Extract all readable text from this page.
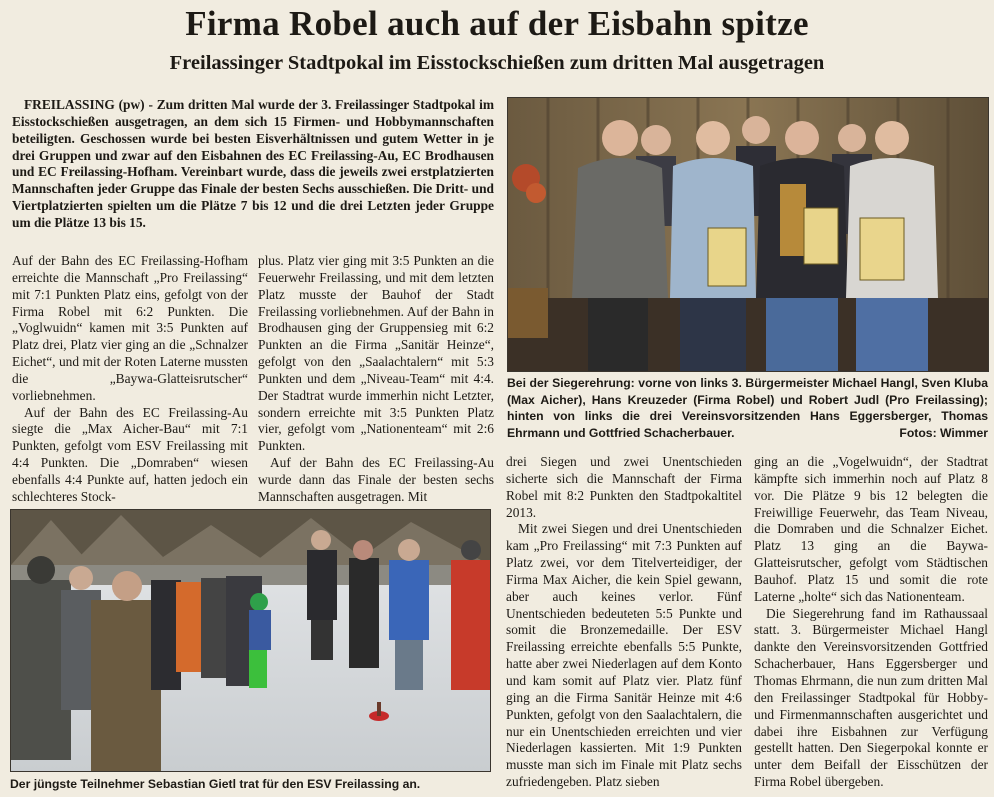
Firma Robel auch auf der Eisbahn spitze
Freilassinger Stadtpokal im Eisstockschießen zum dritten Mal ausgetragen

FREILASSING (pw) - Zum dritten Mal wurde der 3. Freilassinger Stadtpokal im Eisstockschießen ausgetragen, an dem sich 15 Firmen- und Hobbymannschaften beteiligten. Geschossen wurde bei besten Eisverhältnissen und gutem Wetter in je drei Gruppen und zwar auf den Eisbahnen des EC Freilassing-Au, EC Brodhausen und EC Freilassing-Hofham. Vereinbart wurde, dass die jeweils zwei erstplatzierten Mannschaften jeder Gruppe das Finale der besten Sechs ausschießen. Die Dritt- und Viertplatzierten spielten um die Plätze 7 bis 12 und die drei Letzten jeder Gruppe um die Plätze 13 bis 15.

Auf der Bahn des EC Freilassing-Hofham erreichte die Mannschaft „Pro Freilassing“ mit 7:1 Punkten Platz eins, gefolgt von der Firma Robel mit 6:2 Punkten. Die „Voglwuidn“ kamen mit 3:5 Punkten auf Platz drei, Platz vier ging an die „Schnalzer Eichet“, und mit der Roten Laterne mussten die „Baywa-Glatteisrutscher“ vorliebnehmen.

Auf der Bahn des EC Freilassing-Au siegte die „Max Aicher-Bau“ mit 7:1 Punkten, gefolgt vom ESV Freilassing mit 4:4 Punkten. Die „Domraben“ wiesen ebenfalls 4:4 Punkte auf, hatten jedoch ein schlechteres Stock-

plus. Platz vier ging mit 3:5 Punkten an die Feuerwehr Freilassing, und mit dem letzten Platz musste der Bauhof der Stadt Freilassing vorliebnehmen. Auf der Bahn in Brodhausen ging der Gruppensieg mit 6:2 Punkten an die Firma „Sanitär Heinze“, gefolgt von den „Saalachtalern“ mit 5:3 Punkten und dem „Niveau-Team“ mit 4:4. Der Stadtrat wurde immerhin nicht Letzter, sondern erreichte mit 3:5 Punkten Platz vier, gefolgt vom „Nationenteam“ mit 2:6 Punkten.

Auf der Bahn des EC Freilassing-Au wurde dann das Finale der besten sechs Mannschaften ausgetragen. Mit

drei Siegen und zwei Unentschieden sicherte sich die Mannschaft der Firma Robel mit 8:2 Punkten den Stadtpokaltitel 2013.

Mit zwei Siegen und drei Unentschieden kam „Pro Freilassing“ mit 7:3 Punkten auf Platz zwei, vor dem Titelverteidiger, der Firma Max Aicher, die kein Spiel gewann, aber auch keines verlor. Fünf Unentschieden bedeuteten 5:5 Punkte und somit die Bronzemedaille. Der ESV Freilassing erreichte ebenfalls 5:5 Punkte, hatte aber zwei Niederlagen auf dem Konto und kam somit auf Platz vier. Platz fünf ging an die Firma Sanitär Heinze mit 4:6 Punkten, gefolgt von den Saalachtalern, die nur ein Unentschieden erreichten und vier Niederlagen kassierten. Mit 1:9 Punkten musste man sich im Finale mit Platz sechs zufriedengeben. Platz sieben

ging an die „Vogelwuidn“, der Stadtrat kämpfte sich immerhin noch auf Platz 8 vor. Die Plätze 9 bis 12 belegten die Freiwillige Feuerwehr, das Team Niveau, die Domraben und die Schnalzer Eichet. Platz 13 ging an die Baywa-Glatteisrutscher, gefolgt vom Städtischen Bauhof. Platz 15 und somit die rote Laterne „holte“ sich das Nationenteam.

Die Siegerehrung fand im Rathaussaal statt. 3. Bürgermeister Michael Hangl dankte den Vereinsvorsitzenden Gottfried Schacherbauer, Hans Eggersberger und Thomas Ehrmann, die nun zum dritten Mal den Freilassinger Stadtpokal für Hobby- und Firmenmannschaften ausgerichtet und dabei ihre Eisbahnen zur Verfügung gestellt hatten. Den Siegerpokal konnte er unter dem Beifall der Eisschützen der Firma Robel übergeben.

Bei der Siegerehrung: vorne von links 3. Bürgermeister Michael Hangl, Sven Kluba (Max Aicher), Hans Kreuzeder (Firma Robel) und Robert Judl (Pro Freilassing); hinten von links die drei Vereinsvorsitzenden Hans Eggersberger, Thomas Ehrmann und Gottfried Schacherbauer.	Fotos: Wimmer
Der jüngste Teilnehmer Sebastian Gietl trat für den ESV Freilassing an.
